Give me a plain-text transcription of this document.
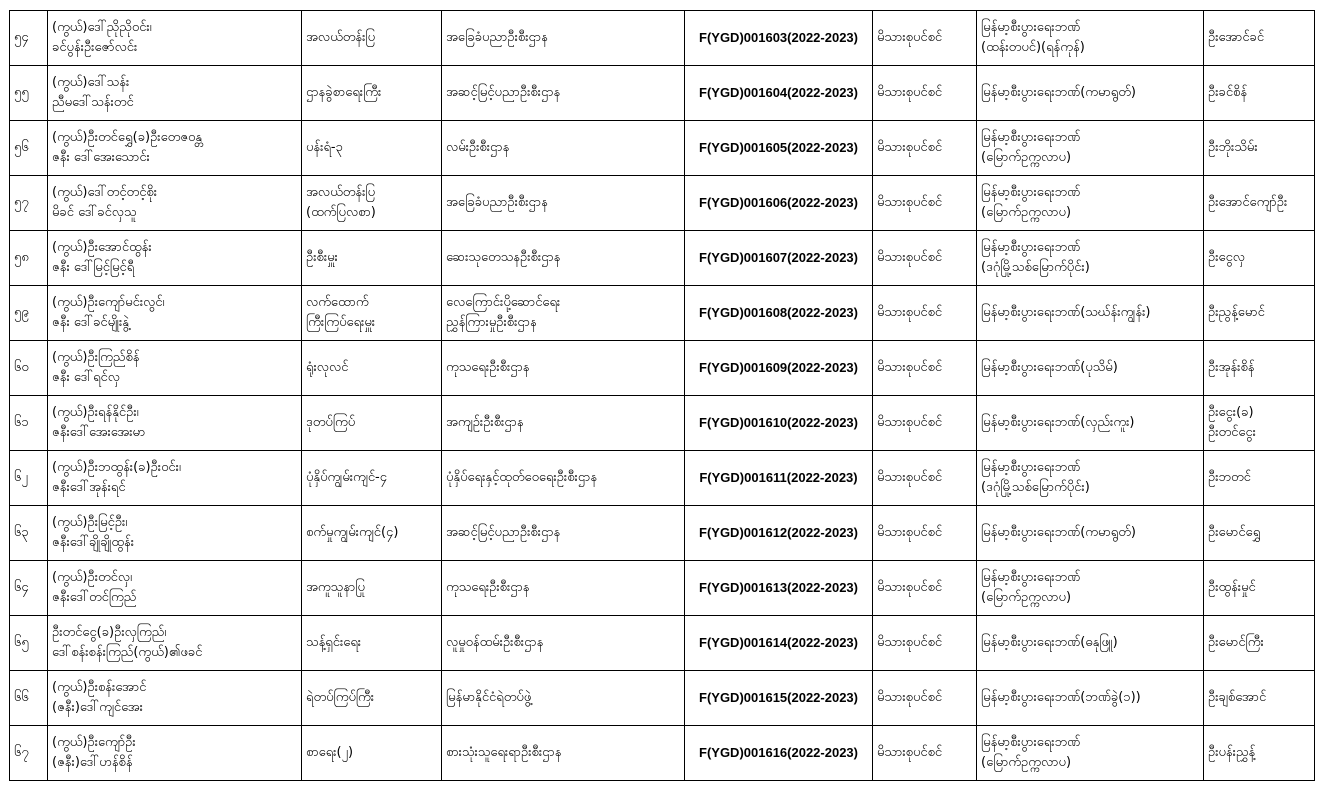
၅၄	(ကွယ်)ဒေါ်ညိုညိုဝင်း၊
ခင်ပွန်းဦးဇော်လင်း	အလယ်တန်းပြ	အခြေခံပညာဦးစီးဌာန	F(YGD)001603(2022-2023)	မိသားစုပင်စင်	မြန်မာ့စီးပွားရေးဘဏ်
(ထန်းတပင်)(ရန်ကုန်)	ဦးအောင်ခင်

၅၅	(ကွယ်)ဒေါ်သန်း
ညီမဒေါ်သန်းတင်	ဌာနခွဲစာရေးကြီး	အဆင့်မြင့်ပညာဦးစီးဌာန	F(YGD)001604(2022-2023)	မိသားစုပင်စင်	မြန်မာ့စီးပွားရေးဘဏ်(ကမာရွတ်)	ဦးခင်စိန်

၅၆	(ကွယ်)ဦးတင်ရွှေ(ခ)ဦးတေဇဝန္တ
ဇနီး ဒေါ်အေးသောင်း	ပန်းရံ-၃	လမ်းဦးစီးဌာန	F(YGD)001605(2022-2023)	မိသားစုပင်စင်	မြန်မာ့စီးပွားရေးဘဏ်
(မြောက်ဥက္ကလာပ)	ဦးဘိုးသိမ်း

၅၇	(ကွယ်)ဒေါ်တင့်တင့်စိုး
မိခင် ဒေါ်ခင်လှသူ	အလယ်တန်းပြ
(ထက်ပြလစာ)	အခြေခံပညာဦးစီးဌာန	F(YGD)001606(2022-2023)	မိသားစုပင်စင်	မြန်မာ့စီးပွားရေးဘဏ်
(မြောက်ဥက္ကလာပ)	ဦးအောင်ကျော်ဦး

၅၈	(ကွယ်)ဦးအောင်ထွန်း
ဇနီး ဒေါ်မြင့်မြင့်ရီ	ဦးစီးမှူး	ဆေးသုတေသနဦးစီးဌာန	F(YGD)001607(2022-2023)	မိသားစုပင်စင်	မြန်မာ့စီးပွားရေးဘဏ်
(ဒဂုံမြို့သစ်မြောက်ပိုင်း)	ဦးငွေလှ

၅၉	(ကွယ်)ဦးကျော်မင်းလွင်၊
ဇနီး ဒေါ်ခင်မျိုးနွဲ့	လက်ထောက်
ကြီးကြပ်ရေးမှူး	လေကြောင်းပို့ဆောင်ရေး
ညွှန်ကြားမှုဦးစီးဌာန	F(YGD)001608(2022-2023)	မိသားစုပင်စင်	မြန်မာ့စီးပွားရေးဘဏ်(သဃ်န်းကျွန်း)	ဦးညွန့်မောင်

၆၀	(ကွယ်)ဦးကြည်စိန်
ဇနီး ဒေါ်ရင်လှ	ရုံးလုလင်	ကုသရေးဦးစီးဌာန	F(YGD)001609(2022-2023)	မိသားစုပင်စင်	မြန်မာ့စီးပွားရေးဘဏ်(ပုသိမ်)	ဦးအုန်းစိန်

၆၁	(ကွယ်)ဦးရန်နိုင်ဦး၊
ဇနီးဒေါ်အေးအေးမာ	ဒုတပ်ကြပ်	အကျဉ်းဦးစီးဌာန	F(YGD)001610(2022-2023)	မိသားစုပင်စင်	မြန်မာ့စီးပွားရေးဘဏ်(လှည်းကူး)	ဦးငွေး(ခ)
ဦးတင်ငွေး

၆၂	(ကွယ်)ဦးဘထွန်း(ခ)ဦးဝင်း၊
ဇနီးဒေါ်အုန်းရင်	ပုံနှိပ်ကျွမ်းကျင်-၄	ပုံနှိပ်ရေးနှင့်ထုတ်ဝေရေးဦးစီးဌာန	F(YGD)001611(2022-2023)	မိသားစုပင်စင်	မြန်မာ့စီးပွားရေးဘဏ်
(ဒဂုံမြို့သစ်မြောက်ပိုင်း)	ဦးဘတင်

၆၃	(ကွယ်)ဦးမြင့်ဦး၊
ဇနီးဒေါ်ချိုချိုထွန်း	စက်မှုကျွမ်းကျင်(၄)	အဆင့်မြင့်ပညာဦးစီးဌာန	F(YGD)001612(2022-2023)	မိသားစုပင်စင်	မြန်မာ့စီးပွားရေးဘဏ်(ကမာရွတ်)	ဦးမောင်ရွှေ

၆၄	(ကွယ်)ဦးတင်လှ၊
ဇနီးဒေါ်တင်ကြည်	အကူသူနာပြု	ကုသရေးဦးစီးဌာန	F(YGD)001613(2022-2023)	မိသားစုပင်စင်	မြန်မာ့စီးပွားရေးဘဏ်
(မြောက်ဥက္ကလာပ)	ဦးထွန်းမှုင်

၆၅	ဦးတင်ငွေ(ခ)ဦးလှကြည်၊
ဒေါ်စန်းစန်းကြည်(ကွယ်)၏ဖခင်	သန့်ရှင်းရေး	လူမှုဝန်ထမ်းဦးစီးဌာန	F(YGD)001614(2022-2023)	မိသားစုပင်စင်	မြန်မာ့စီးပွားရေးဘဏ်(ဓနုဖြူ)	ဦးမောင်ကြီး

၆၆	(ကွယ်)ဦးစန်းအောင်
(ဇနီး)ဒေါ်ကျင်အေး	ရဲတပ်ကြပ်ကြီး	မြန်မာနိုင်ငံရဲတပ်ဖွဲ့	F(YGD)001615(2022-2023)	မိသားစုပင်စင်	မြန်မာ့စီးပွားရေးဘဏ်(ဘဏ်ခွဲ(၁))	ဦးချစ်အောင်

၆၇	(ကွယ်)ဦးကျော်ဦး
(ဇနီး)ဒေါ်ဟန်စိန်	စာရေး(၂)	စားသုံးသူရေးရာဦးစီးဌာန	F(YGD)001616(2022-2023)	မိသားစုပင်စင်	မြန်မာ့စီးပွားရေးဘဏ်
(မြောက်ဥက္ကလာပ)	ဦးပန်းညွှန့်
